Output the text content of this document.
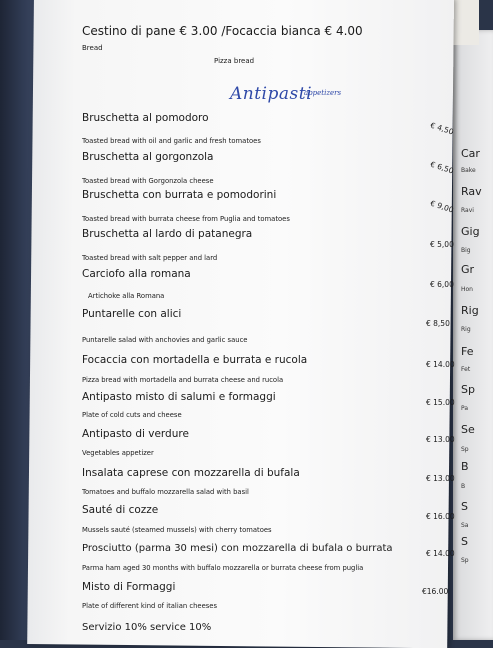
Car
Bake
Rav
Ravi
Gig
Big
Gr
Hon
Rig
Rig
Fe
Fet
Sp
Pa
Se
Sp
B
B
S
Sa
S
Sp
Cestino di pane € 3.00 /Focaccia bianca € 4.00
Bread
Pizza bread
Antipasti
appetizers
Bruschetta al pomodoro
Toasted bread with oil and garlic and fresh tomatoes
€ 4,50
Bruschetta al gorgonzola
Toasted bread with Gorgonzola cheese
€ 6,50
Bruschetta con burrata e pomodorini
Toasted bread with burrata cheese from Puglia and tomatoes
€ 9,00
Bruschetta al lardo di patanegra
Toasted bread with salt pepper and lard
€ 5,00
Carciofo alla romana
Artichoke alla Romana
€ 6,00
Puntarelle con alici
Puntarelle salad with anchovies and garlic sauce
€ 8,50
Focaccia con mortadella e burrata e rucola
Pizza bread with mortadella and burrata cheese and rucola
€ 14.00
Antipasto misto di salumi e formaggi
Plate of cold cuts and cheese
€ 15.00
Antipasto di verdure
Vegetables appetizer
€ 13.00
Insalata caprese con mozzarella di bufala
Tomatoes and buffalo mozzarella salad with basil
€ 13.00
Sauté di cozze
Mussels sauté (steamed mussels) with cherry tomatoes
€ 16.00
Prosciutto (parma 30 mesi) con mozzarella di bufala o burrata
Parma ham aged 30 months with buffalo mozzarella or burrata cheese from puglia
€ 14.00
Misto di Formaggi
Plate of different kind of italian cheeses
€16.00
Servizio 10% service 10%
